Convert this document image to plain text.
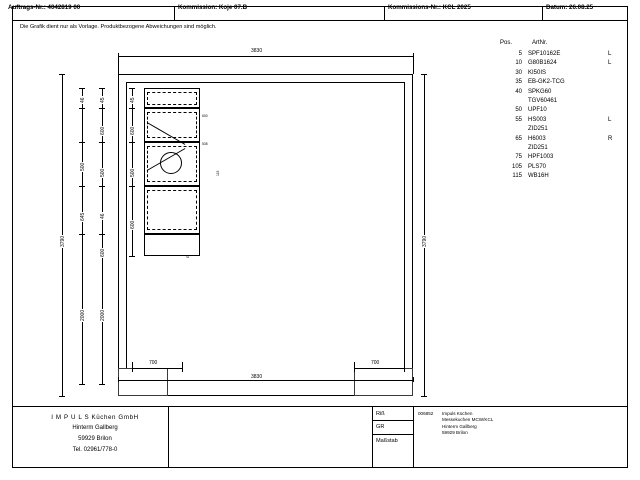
Auftrags-Nr.: 4042819 00	Kommission: Koje 07.B	Kommissions-Nr.: KCL 2025	Datum: 26.08.25
Die Grafik dient nur als Vorlage. Produktbezogene Abweichungen sind möglich.
600
535
G
115
3830
3830
700	700
3790	3790
46
500
645
2000
45
600
500
46
600
2000
45
600
500
600
Pos.	ArtNr.
5 SPF10162E	L
10 G80B1624	L
30 KI50IS
35 EB-GK2-TCG
40 SPKG60
TGV60461
50 UPF10
55 HS003	L
ZID251
65 H6003	R
ZID251
75 HPF1003
105 PLS70
115 WB16H
I M P U L S Küchen GmbH
Hinterm Gallberg
59929 Brilon
Tel. 02961/778-0
Riß
GR
Maßstab
006852 Impuls Küchen
Messekuchen MCW/KCL
Hinterm Gallberg
59929 Brilon
